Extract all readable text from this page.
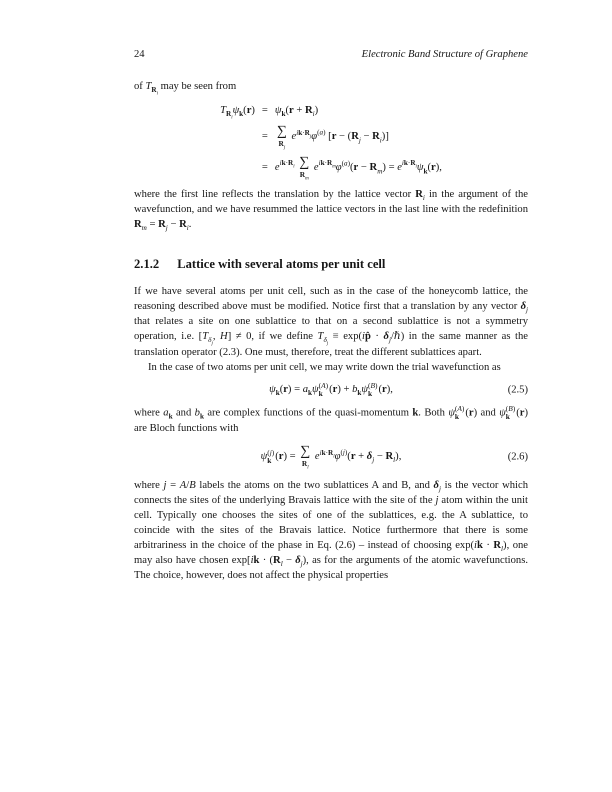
24	Electronic Band Structure of Graphene

of $T_{R_i}$ may be seen from

$T_{R_i}\psi_k(r) = \psi_k(r + R_i)$
= ∑
$R_j$
$e^{ik\cdot R_j}\varphi^{(a)}$ $[r - (R_j - R_i)]$
= $e^{ik\cdot R_i}$ ∑
$R_m$
$e^{ik\cdot R_m}\varphi^{(a)}(r - R_m) = e^{ik\cdot R_i}\psi_k(r)$,

where the first line reflects the translation by the lattice vector $R_i$ in the argument of the wavefunction, and we have resummed the lattice vectors in the last line with the redefinition $R_m = R_j - R_i$.

2.1.2 Lattice with several atoms per unit cell

If we have several atoms per unit cell, such as in the case of the honeycomb lattice, the reasoning described above must be modified. Notice first that a translation by any vector $\delta_j$ that relates a site on one sublattice to that on a second sublattice is not a symmetry operation, i.e. [$T_{\delta_j}$, H] ≠ 0, if we define $T_{\delta_j}$ ≡ exp(ip̂ · $\delta_j/\hbar$) in the same manner as the translation operator (2.3). One must, therefore, treat the different sublattices apart.

In the case of two atoms per unit cell, we may write down the trial wavefunction as

$\psi_k(r) = a_k\psi$ (A)
k $(r) + b_k\psi$ (B)
k (r),	(2.5)

where $a_k$ and $b_k$ are complex functions of the quasi-momentum k. Both ψ (A)
k (r) and ψ (B)
k (r) are Bloch functions with

ψ (j)
k (r) = ∑
$R_l$
$e^{ik\cdot R_l}\varphi^{(j)}(r + \delta_j - R_l)$,	(2.6)

where j = A/B labels the atoms on the two sublattices A and B, and $\delta_j$ is the vector which connects the sites of the underlying Bravais lattice with the site of the j atom within the unit cell. Typically one chooses the sites of one of the sublattices, e.g. the A sublattice, to coincide with the sites of the Bravais lattice. Notice furthermore that there is some arbitrariness in the choice of the phase in Eq. (2.6) – instead of choosing $\exp(ik \cdot R_l)$, one may also have chosen $\exp[ik \cdot (R_l - \delta_j)$, as for the arguments of the atomic wavefunctions. The choice, however, does not affect the physical properties
